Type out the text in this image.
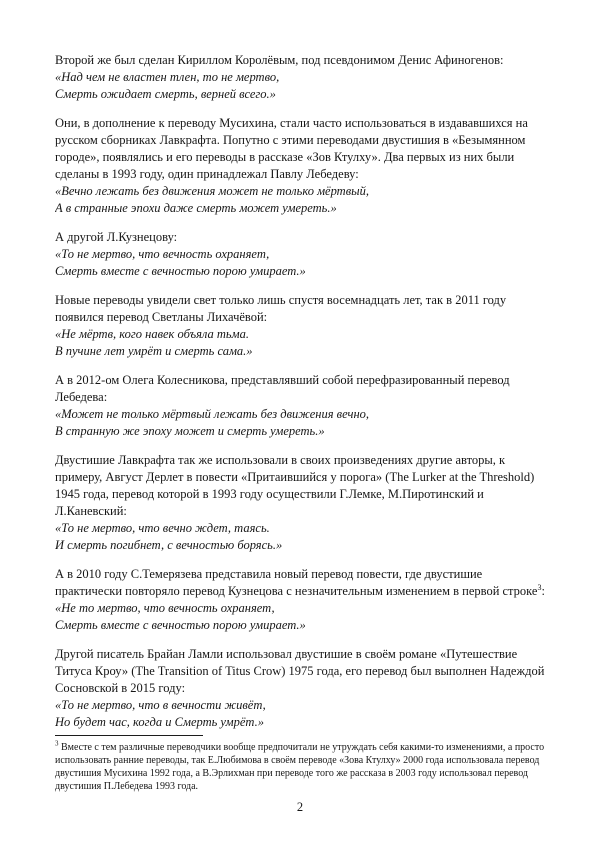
Второй же был сделан Кириллом Королёвым, под псевдонимом Денис Афиногенов:

«Над чем не властен тлен, то не мертво,

Смерть ожидает смерть, верней всего.»

Они, в дополнение к переводу Мусихина, стали часто использоваться в издававшихся на русском сборниках Лавкрафта. Попутно с этими переводами двустишия в «Безымянном городе», появлялись и его переводы в рассказе «Зов Ктулху». Два первых из них были сделаны в 1993 году, один принадлежал Павлу Лебедеву:

«Вечно лежать без движения может не только мёртвый,

А в странные эпохи даже смерть может умереть.»

А другой Л.Кузнецову:

«То не мертво, что вечность охраняет,

Смерть вместе с вечностью порою умирает.»

Новые переводы увидели свет только лишь спустя восемнадцать лет, так в 2011 году появился перевод Светланы Лихачёвой:

«Не мёртв, кого навек объяла тьма.

В пучине лет умрёт и смерть сама.»

А в 2012-ом Олега Колесникова, представлявший собой перефразированный перевод Лебедева:

«Может не только мёртвый лежать без движения вечно,

В странную же эпоху может и смерть умереть.»

Двустишие Лавкрафта так же использовали в своих произведениях другие авторы, к примеру, Август Дерлет в повести «Притаившийся у порога» (The Lurker at the Threshold) 1945 года, перевод которой в 1993 году осуществили Г.Лемке, М.Пиротинский и Л.Каневский:

«То не мертво, что вечно ждет, таясь.

И смерть погибнет, с вечностью борясь.»

А в 2010 году С.Темерязева представила новый перевод повести, где двустишие практически повторяло перевод Кузнецова с незначительным изменением в первой строке$^3$:

«Не то мертво, что вечность охраняет,

Смерть вместе с вечностью порою умирает.»

Другой писатель Брайан Ламли использовал двустишие в своём романе «Путешествие Титуса Кроу» (The Transition of Titus Crow) 1975 года, его перевод был выполнен Надеждой Сосновской в 2015 году:

«То не мертво, что в вечности живёт,

Но будет час, когда и Смерть умрёт.»

$^3$ Вместе с тем различные переводчики вообще предпочитали не утруждать себя какими-то изменениями, а просто использовать ранние переводы, так Е.Любимова в своём переводе «Зова Ктулху» 2000 года использовала перевод двустишия Мусихина 1992 года, а В.Эрлихман при переводе того же рассказа в 2003 году использовал перевод двустишия П.Лебедева 1993 года.

2
